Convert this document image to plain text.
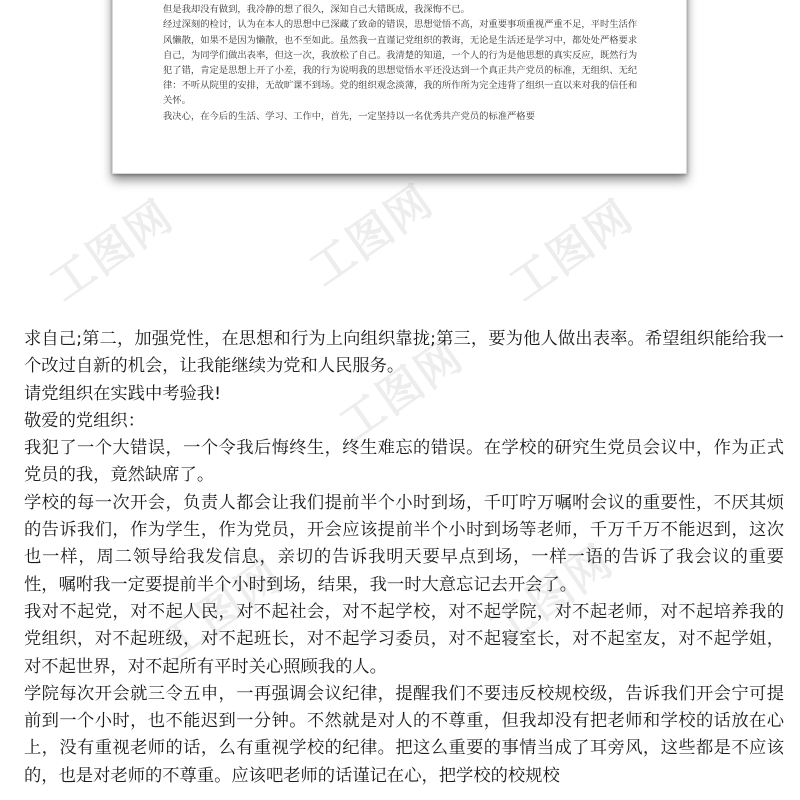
但是我却没有做到，我冷静的想了很久，深知自己大错既成，我深悔不已。

经过深刻的检讨，认为在本人的思想中已深藏了致命的错误，思想觉悟不高，对重要事项重视严重不足，平时生活作风懒散，如果不是因为懒散，也不至如此。虽然我一直谨记党组织的教诲，无论是生活还是学习中，都处处严格要求自己，为同学们做出表率，但这一次，我放松了自己。我清楚的知道，一个人的行为是他思想的真实反应，既然行为犯了错，肯定是思想上开了小差，我的行为说明我的思想觉悟水平还没达到一个真正共产党员的标准，无组织、无纪律：不听从院里的安排，无故旷课不到场。党的组织观念淡薄，我的所作所为完全违背了组织一直以来对我的信任和关怀。

我决心，在今后的生活、学习、工作中，首先，一定坚持以一名优秀共产党员的标准严格要

工图网
工图网	工图网
工图网
工图网
工图网

求自己;第二，加强党性，在思想和行为上向组织靠拢;第三，要为他人做出表率。希望组织能给我一个改过自新的机会，让我能继续为党和人民服务。

请党组织在实践中考验我!

敬爱的党组织：

我犯了一个大错误，一个令我后悔终生，终生难忘的错误。在学校的研究生党员会议中，作为正式党员的我，竟然缺席了。

学校的每一次开会，负责人都会让我们提前半个小时到场，千叮咛万嘱咐会议的重要性，不厌其烦的告诉我们，作为学生，作为党员，开会应该提前半个小时到场等老师，千万千万不能迟到，这次也一样，周二领导给我发信息，亲切的告诉我明天要早点到场，一样一语的告诉了我会议的重要性，嘱咐我一定要提前半个小时到场，结果，我一时大意忘记去开会了。

我对不起党，对不起人民，对不起社会，对不起学校，对不起学院，对不起老师，对不起培养我的党组织，对不起班级，对不起班长，对不起学习委员，对不起寝室长，对不起室友，对不起学姐，对不起世界，对不起所有平时关心照顾我的人。

学院每次开会就三令五申，一再强调会议纪律，提醒我们不要违反校规校级，告诉我们开会宁可提前到一个小时，也不能迟到一分钟。不然就是对人的不尊重，但我却没有把老师和学校的话放在心上，没有重视老师的话，么有重视学校的纪律。把这么重要的事情当成了耳旁风，这些都是不应该的，也是对老师的不尊重。应该吧老师的话谨记在心，把学校的校规校
